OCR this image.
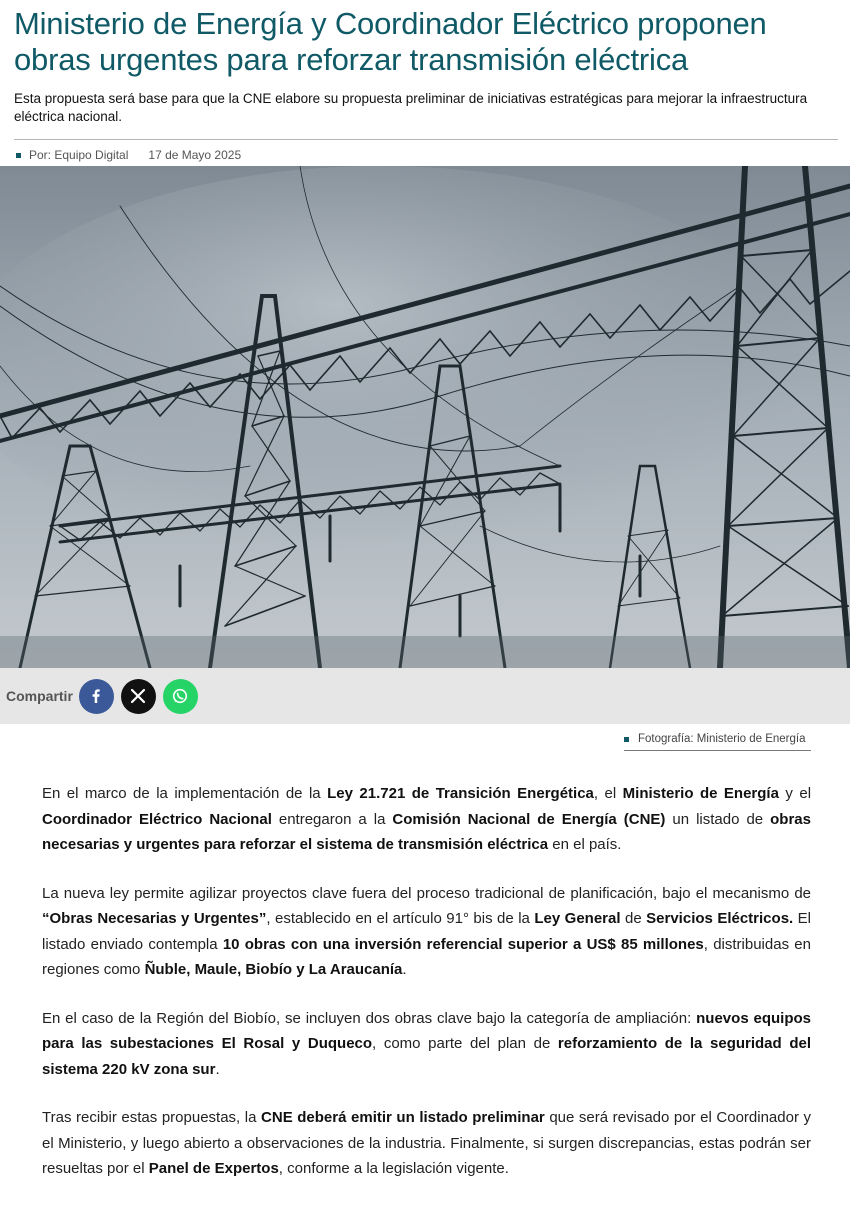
Ministerio de Energía y Coordinador Eléctrico proponen obras urgentes para reforzar transmisión eléctrica

Esta propuesta será base para que la CNE elabore su propuesta preliminar de iniciativas estratégicas para mejorar la infraestructura eléctrica nacional.

Por: Equipo Digital 17 de Mayo 2025
Compartir
Fotografía: Ministerio de Energía

En el marco de la implementación de la Ley 21.721 de Transición Energética, el Ministerio de Energía y el Coordinador Eléctrico Nacional entregaron a la Comisión Nacional de Energía (CNE) un listado de obras necesarias y urgentes para reforzar el sistema de transmisión eléctrica en el país.

La nueva ley permite agilizar proyectos clave fuera del proceso tradicional de planificación, bajo el mecanismo de “Obras Necesarias y Urgentes”, establecido en el artículo 91° bis de la Ley General de Servicios Eléctricos. El listado enviado contempla 10 obras con una inversión referencial superior a US$ 85 millones, distribuidas en regiones como Ñuble, Maule, Biobío y La Araucanía.

En el caso de la Región del Biobío, se incluyen dos obras clave bajo la categoría de ampliación: nuevos equipos para las subestaciones El Rosal y Duqueco, como parte del plan de reforzamiento de la seguridad del sistema 220 kV zona sur.

Tras recibir estas propuestas, la CNE deberá emitir un listado preliminar que será revisado por el Coordinador y el Ministerio, y luego abierto a observaciones de la industria. Finalmente, si surgen discrepancias, estas podrán ser resueltas por el Panel de Expertos, conforme a la legislación vigente.
